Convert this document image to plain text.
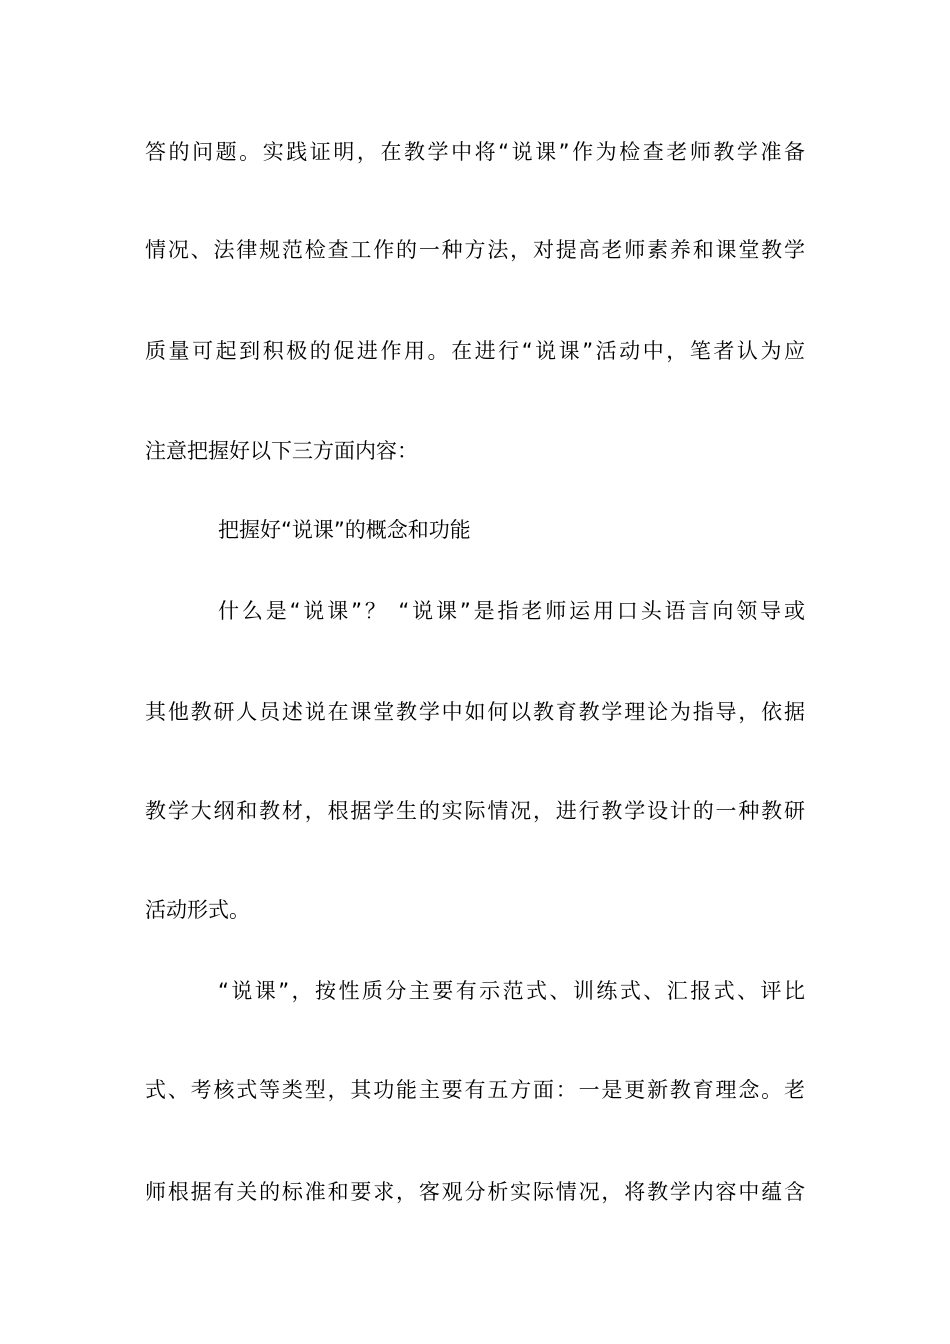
答的问题。实践证明，在教学中将“说课”作为检查老师教学准备
情况、法律规范检查工作的一种方法，对提高老师素养和课堂教学
质量可起到积极的促进作用。在进行“说课”活动中，笔者认为应
注意把握好以下三方面内容：
把握好“说课”的概念和功能
什么是“说课”？ “说课”是指老师运用口头语言向领导或
其他教研人员述说在课堂教学中如何以教育教学理论为指导，依据
教学大纲和教材，根据学生的实际情况，进行教学设计的一种教研
活动形式。
“说课”，按性质分主要有示范式、训练式、汇报式、评比
式、考核式等类型，其功能主要有五方面：一是更新教育理念。老
师根据有关的标准和要求，客观分析实际情况，将教学内容中蕴含
